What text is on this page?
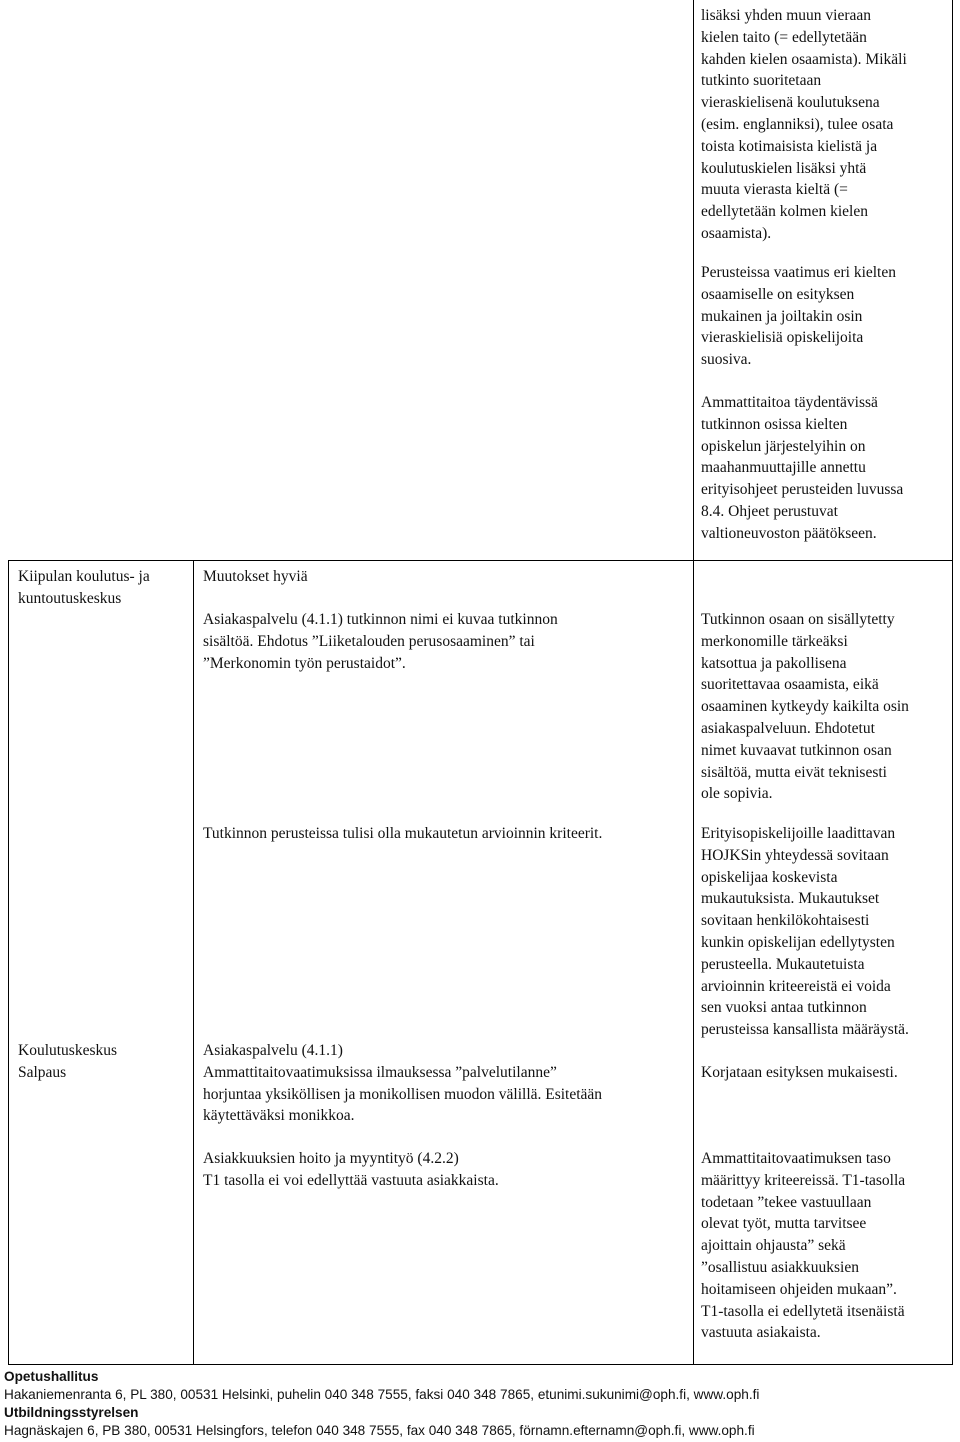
lisäksi yhden muun vieraan
kielen taito (= edellytetään
kahden kielen osaamista). Mikäli
tutkinto suoritetaan
vieraskielisenä koulutuksena
(esim. englanniksi), tulee osata
toista kotimaisista kielistä ja
koulutuskielen lisäksi yhtä
muuta vierasta kieltä (=
edellytetään kolmen kielen
osaamista).

Perusteissa vaatimus eri kielten
osaamiselle on esityksen
mukainen ja joiltakin osin
vieraskielisiä opiskelijoita
suosiva.

Ammattitaitoa täydentävissä
tutkinnon osissa kielten
opiskelun järjestelyihin on
maahanmuuttajille annettu
erityisohjeet perusteiden luvussa
8.4. Ohjeet perustuvat
valtioneuvoston päätökseen.

Kiipulan koulutus- ja
kuntoutuskeskus

Muutokset hyviä

Asiakaspalvelu (4.1.1) tutkinnon nimi ei kuvaa tutkinnon
sisältöä. Ehdotus ”Liiketalouden perusosaaminen” tai
”Merkonomin työn perustaidot”.

Tutkinnon perusteissa tulisi olla mukautetun arvioinnin kriteerit.

Tutkinnon osaan on sisällytetty
merkonomille tärkeäksi
katsottua ja pakollisena
suoritettavaa osaamista, eikä
osaaminen kytkeydy kaikilta osin
asiakaspalveluun. Ehdotetut
nimet kuvaavat tutkinnon osan
sisältöä, mutta eivät teknisesti
ole sopivia.

Erityisopiskelijoille laadittavan
HOJKSin yhteydessä sovitaan
opiskelijaa koskevista
mukautuksista. Mukautukset
sovitaan henkilökohtaisesti
kunkin opiskelijan edellytysten
perusteella. Mukautetuista
arvioinnin kriteereistä ei voida
sen vuoksi antaa tutkinnon
perusteissa kansallista määräystä.

Koulutuskeskus
Salpaus

Asiakaspalvelu (4.1.1)
Ammattitaitovaatimuksissa ilmauksessa ”palvelutilanne”
horjuntaa yksiköllisen ja monikollisen muodon välillä. Esitetään
käytettäväksi monikkoa.

Asiakkuuksien hoito ja myyntityö (4.2.2)
T1 tasolla ei voi edellyttää vastuuta asiakkaista.

Korjataan esityksen mukaisesti.

Ammattitaitovaatimuksen taso
määrittyy kriteereissä. T1-tasolla
todetaan ”tekee vastuullaan
olevat työt, mutta tarvitsee
ajoittain ohjausta” sekä
”osallistuu asiakkuuksien
hoitamiseen ohjeiden mukaan”.
T1-tasolla ei edellytetä itsenäistä
vastuuta asiakaista.

Opetushallitus
Hakaniemenranta 6, PL 380, 00531 Helsinki, puhelin 040 348 7555, faksi 040 348 7865, etunimi.sukunimi@oph.fi, www.oph.fi
Utbildningsstyrelsen
Hagnäskajen 6, PB 380, 00531 Helsingfors, telefon 040 348 7555, fax 040 348 7865, förnamn.efternamn@oph.fi, www.oph.fi
